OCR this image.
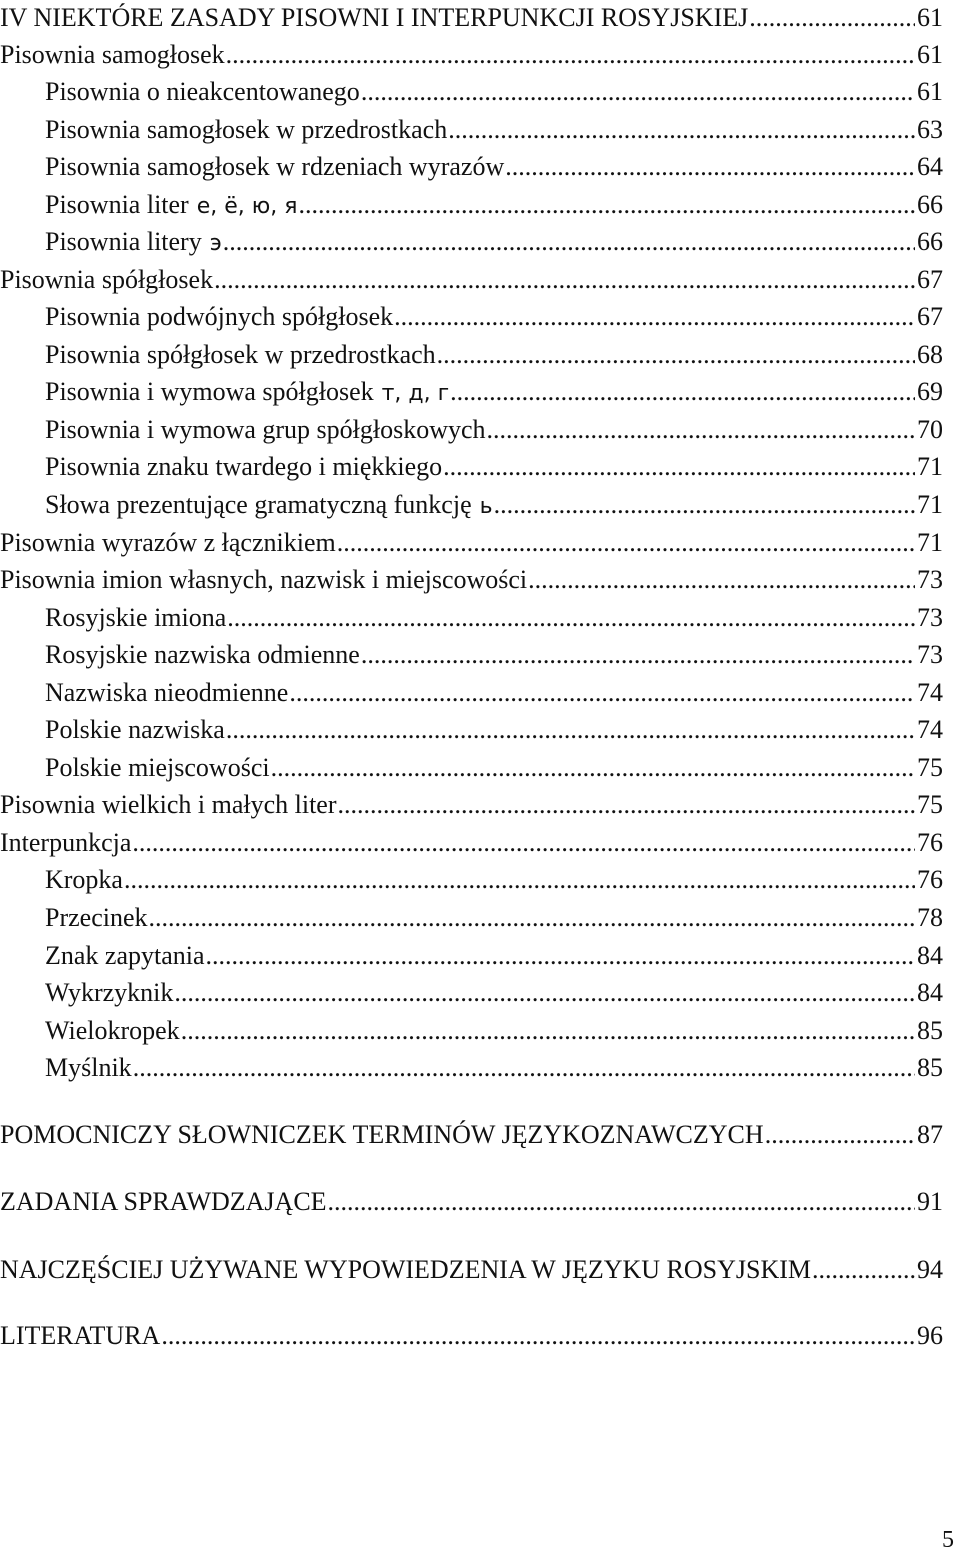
IV NIEKTÓRE ZASADY PISOWNI I INTERPUNKCJI ROSYJSKIEJ .....	61
Pisownia samogłosek .....	61
Pisownia o nieakcentowanego .....	61
Pisownia samogłosek w przedrostkach .....	63
Pisownia samogłosek w rdzeniach wyrazów .....	64
Pisownia liter е, ё, ю, я .....	66
Pisownia litery э .....	66
Pisownia spółgłosek .....	67
Pisownia podwójnych spółgłosek .....	67
Pisownia spółgłosek w przedrostkach .....	68
Pisownia i wymowa spółgłosek т, д, г .....	69
Pisownia i wymowa grup spółgłoskowych .....	70
Pisownia znaku twardego i miękkiego .....	71
Słowa prezentujące gramatyczną funkcję ь .....	71
Pisownia wyrazów z łącznikiem .....	71
Pisownia imion własnych, nazwisk i miejscowości .....	73
Rosyjskie imiona .....	73
Rosyjskie nazwiska odmienne .....	73
Nazwiska nieodmienne .....	74
Polskie nazwiska .....	74
Polskie miejscowości .....	75
Pisownia wielkich i małych liter .....	75
Interpunkcja .....	76
Kropka .....	76
Przecinek .....	78
Znak zapytania .....	84
Wykrzyknik .....	84
Wielokropek .....	85
Myślnik .....	85
POMOCNICZY SŁOWNICZEK TERMINÓW JĘZYKOZNAWCZYCH .....	87
ZADANIA SPRAWDZAJĄCE .....	91
NAJCZĘŚCIEJ UŻYWANE WYPOWIEDZENIA W JĘZYKU ROSYJSKIM .....	94
LITERATURA .....	96
5
